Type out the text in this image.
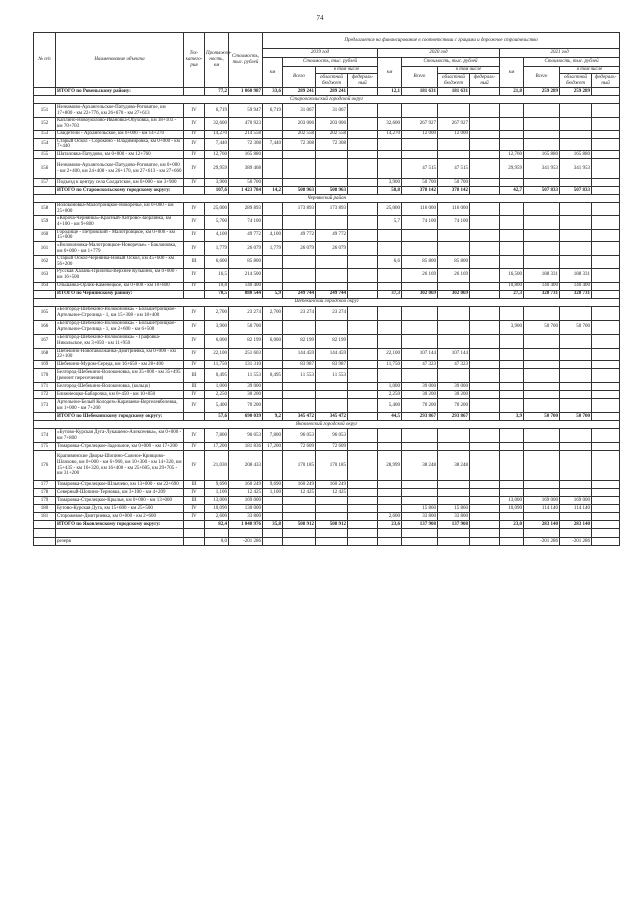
74
№ п/п	Наименование объекта	Тех-катего-рия	Протяжен-ность, км	Стоимость, тыс. рублей	Предлагается на финансирование в соответствии с грацами и дорожное строительство											
					2019 год				2020 год				2021 год			
					км	Стоимость, тыс. рублей			км	Стоимость, тыс. рублей			км	Стоимость, тыс. рублей		
						Всего	в том числе			Всего	в том числе			Всего	в том числе	
							областной бюджет	федераль-ный			областной бюджет	федераль-ный			областной бюджет	федераль-ный
	ИТОГО по Ровеньскому району:		77,2	1 060 987	33,6	289 241	289 241		12,1	181 631	181 631		21,8	259 289	259 289	
Старооскольский городской округ																
151	Незнамово-Архангельское-Патудово-Роговатое, км 17+800 - км 22+776, км 26+670 - км 27+613	IV	6,719	59 947	6,719	31 067	31 067									
152	Каплино-Новоуколово-Ивановка-Обуховка, км 38+103 - км 70+703	IV	32,600	470 923		203 006	203 006		32,600	267 927	267 927					
153	Свидетели - Архангельское, км 0+000 - км 14+270	IV	14,270	214 558		202 558	202 558		14,270	12 000	12 000					
154	Старый Оскол - Сорокино - Владимировка, км 0+000 - км 7+440	IV	7,440	72 308	7,440	72 308	72 308									
155	Шаталовка-Патудово, км 0+000 - км 12+760	IV	12,760	165 880									12,760	165 880	165 880	
156	Незнамово-Архангельское-Патудово-Роговатое, км 0+000 - км 2+400, км 24+408 - км 26+170, км 27+613 - км 27+660	IV	29,959	389 468						47 515	47 515		29,959	341 953	341 953	
157	Подъезд к центру села Солдатское, км 0+000 - км 3+900	IV	3,900	50 700					3,900	50 700	50 700					
	ИТОГО по Старооскольскому городскому округу:		107,6	1 423 784	14,2	508 963	508 963		50,8	378 142	378 142		42,7	507 833	507 833	
Чернянский район																
158	Волоконовка-Малотроицкое-Новоречье, км 0+000 - км 25+000	IV	25,000	289 893		173 893	173 893		25,000	116 000	116 000					
159	«Короча-Чернянка»-Красный-Хитрово-Заорлянка, км 4+100 - км 9+800	IV	5,700	74 100					5,7	74 100	74 100					
160	Городище - Петровский - Малотроицкое, км 0+000 - км 15+000	IV	4,100	49 772	4,100	49 772	49 772									
161	«Волоконовка-Малотроицкое-Новоречье» - Баклановка, км 0+000 - км 1+779	IV	1,779	26 079	1,779	26 079	26 079									
162	Старый Оскол-Чернянка-Новый Оскол, км 45+600 - км 56+200	III	6,600	85 800					6,6	85 800	85 800					
163	Русская Халань-Прилепы-Верхнее Кузькино, км 0+000 - км 16+500	IV	16,5	214 500						26 169	26 169		16,500	188 331	188 331	
164	Ольшанка-Орлик-Каменецкое, км 0+000 - км 10+800	IV	10,8	140 400									10,800	140 400	140 400	
	ИТОГО по Чернянскому району:		70,5	880 544	5,9	249 744	249 744		37,3	302 069	302 069		27,3	328 731	328 731	
Шебекинский городской округ																
165	«Белгород-Шебекино-Волоконовка» - Большетроицкое-Артельное-Стрелица - 1, км 15+308 - км 18+400	IV	2,700	23 274	2,700	23 274	23 274									
166	«Белгород-Шебекино-Волоконовка» - Большетроицкое-Артельное-Стрелица - 1, км 2+600 - км 6+500	IV	3,900	50 700									3,900	50 700	50 700	
167	«Белгород-Шебекино-Волоконовка» - Графовка-Никольское, км 3+050 - км 11+950	IV	6,000	82 199	6,000	82 199	82 199									
168	Шебекино-Новотаволжанка-Дмитриевка, км 0+000 - км 22+100	IV	22,100	251 603		144 459	144 459		22,100	107 144	107 144					
169	Шебекино-Муром-Середа, км 16+650 - км 28+400	IV	11,750	131 310		83 987	83 987		11,750	47 323	47 323					
170	Белгород-Шебекино-Волоконовка, км 35+000 - км 35+495 (ремонт пересечения)	III	0,495	11 553	0,495	11 553	11 553									
171	Белгород-Шебекино-Волоконовка, (кольцо)	III	1,000	39 000					1,000	39 000	39 000					
172	Ближнеоцко-Бабарочка, км 0+450 - км 10+850	IV	2,250	30 200					2,250	30 200	30 200					
173	Артельное-Белый Колодезь-Карачаево-Вергелевбелевка, км 1+000 - км 7+200	IV	5,400	70 200					5,400	70 200	70 200					
	ИТОГО по Шебекинскому городскому округу:		57,6	690 039	9,2	345 472	345 472		44,5	293 867	293 867		3,9	50 700	50 700	
Яковлевский городской округ																
174	«Бутово-Курская Дуга-Лукашено-Алексеевка», км 0+000 - км 7+800	IV	7,800	96 053	7,800	96 053	96 053									
175	Томаровка-Стрелецкое-Задельное, км 0+000 - км 17+200	IV	17,200	181 836	17,200	72 609	72 609									
176	Крапивинские Дворы-Шопино-Сажное-Кривцово-Шляхово, км 0+000 - км 6+960, км 10+300 - км 14+320, км 15+435 - км 16+320, км 16+400 - км 25+605, км 29+705 - км 31+200	IV	21,030	208 433		170 185	170 185		28,999	38 248	38 248					
177	Томаровка-Стрелецкое-Шлычево, км 13+000 - км 22+690	III	9,690	160 249	9,690	160 249	160 249									
178	Северный-Шопино-Терновка, км 3+100 - км 4+209	IV	1,100	12 425	1,100	12 425	12 425									
179	Томаровка-Стрелецкое-Крылья, км 0+000 - км 13+000	III	13,000	169 000									13,000	169 000	169 000	
180	Бутово-Курская Дуга, км 15+600 - км 25+500	IV	10,090	130 000						15 860	15 860		10,090	114 140	114 140	
181	Сторожевое-Дмитриевка, км 0+000 - км 2+600	IV	2,600	33 800					2,600	33 800	33 800					
	ИТОГО по Яковлевскому городскому округу:		82,4	1 040 976	35,8	508 912	508 912		23,6	137 908	137 908		23,0	283 140	283 140	

	резерв		0,0	-201 286										-201 286	-201 286	
